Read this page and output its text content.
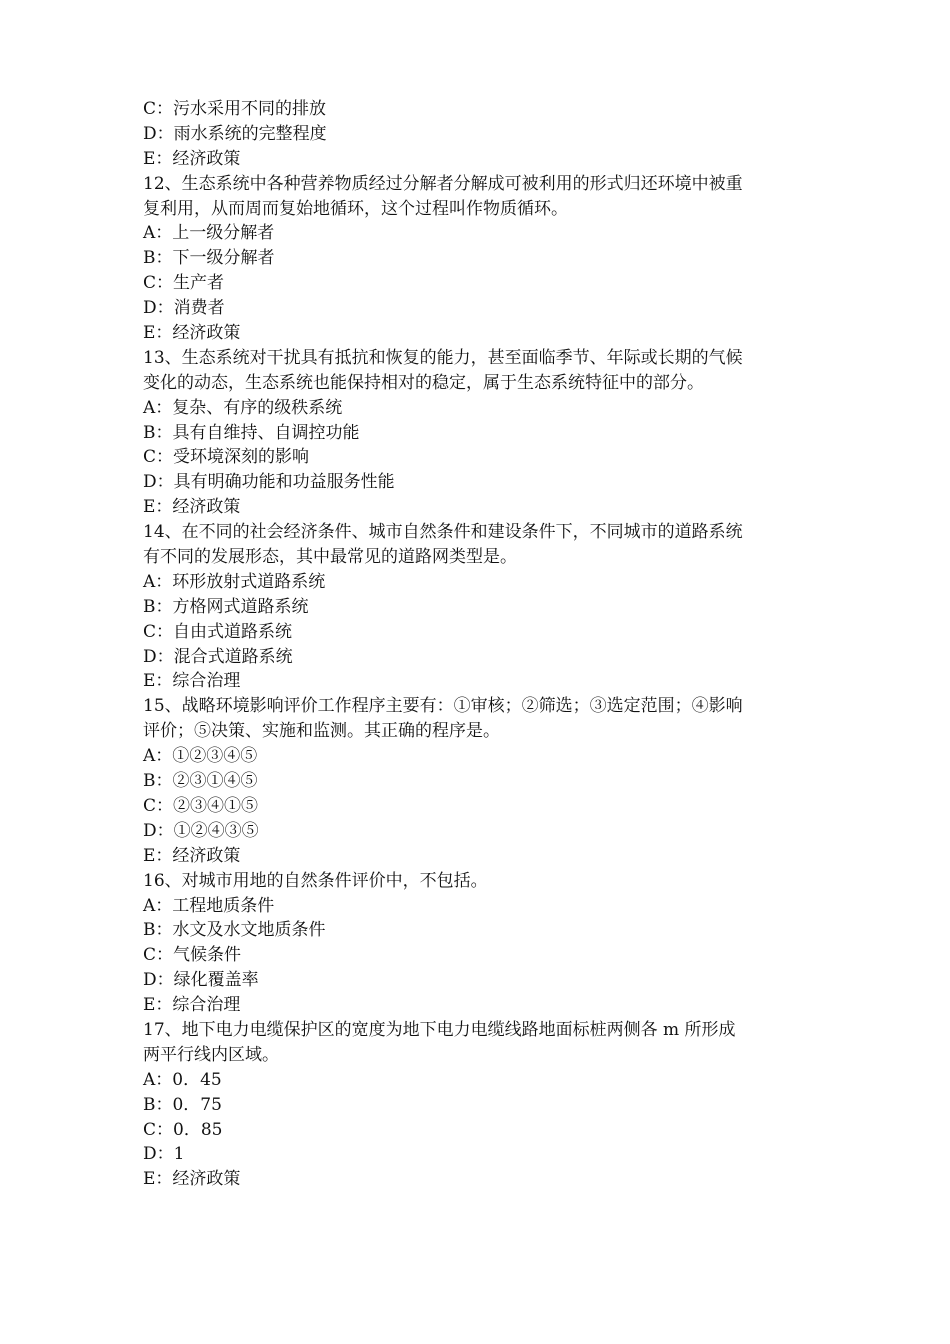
C：污水采用不同的排放
D：雨水系统的完整程度
E：经济政策
12、生态系统中各种营养物质经过分解者分解成可被利用的形式归还环境中被重
复利用，从而周而复始地循环，这个过程叫作物质循环。
A：上一级分解者
B：下一级分解者
C：生产者
D：消费者
E：经济政策
13、生态系统对干扰具有抵抗和恢复的能力，甚至面临季节、年际或长期的气候
变化的动态，生态系统也能保持相对的稳定，属于生态系统特征中的部分。
A：复杂、有序的级秩系统
B：具有自维持、自调控功能
C：受环境深刻的影响
D：具有明确功能和功益服务性能
E：经济政策
14、在不同的社会经济条件、城市自然条件和建设条件下，不同城市的道路系统
有不同的发展形态，其中最常见的道路网类型是。
A：环形放射式道路系统
B：方格网式道路系统
C：自由式道路系统
D：混合式道路系统
E：综合治理
15、战略环境影响评价工作程序主要有：①审核；②筛选；③选定范围；④影响
评价；⑤决策、实施和监测。其正确的程序是。
A：①②③④⑤
B：②③①④⑤
C：②③④①⑤
D：①②④③⑤
E：经济政策
16、对城市用地的自然条件评价中，不包括。
A：工程地质条件
B：水文及水文地质条件
C：气候条件
D：绿化覆盖率
E：综合治理
17、地下电力电缆保护区的宽度为地下电力电缆线路地面标桩两侧各 m 所形成
两平行线内区域。
A：0．45
B：0．75
C：0．85
D：1
E：经济政策
